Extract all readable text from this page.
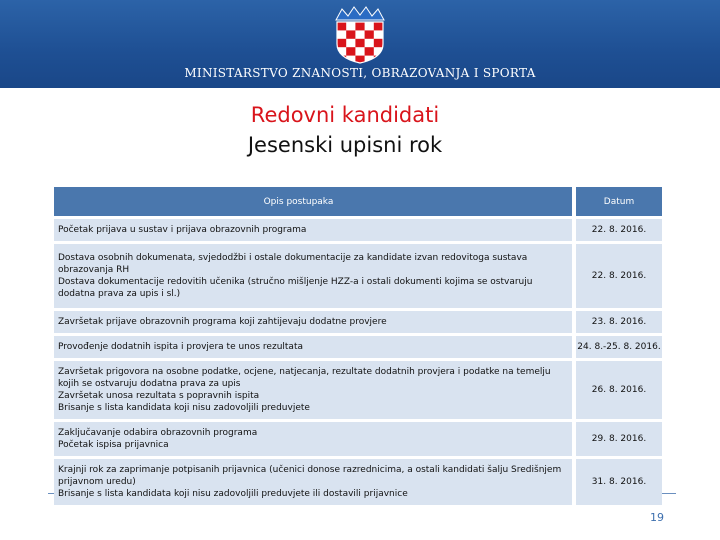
MINISTARSTVO ZNANOSTI, OBRAZOVANJA I SPORTA
Redovni kandidati
Jesenski upisni rok
Opis postupaka		Datum

Početak prijava u sustav i prijava obrazovnih programa		22. 8. 2016.

Dostava osobnih dokumenata, svjedodžbi i ostale dokumentacije za kandidate izvan redovitoga sustava
obrazovanja RH
Dostava dokumentacije redovitih učenika (stručno mišljenje HZZ-a i ostali dokumenti kojima se ostvaruju
dodatna prava za upis i sl.)		22. 8. 2016.

Završetak prijave obrazovnih programa koji zahtijevaju dodatne provjere		23. 8. 2016.

Provođenje dodatnih ispita i provjera te unos rezultata		24. 8.-25. 8. 2016.

Završetak prigovora na osobne podatke, ocjene, natjecanja, rezultate dodatnih provjera i podatke na temelju
kojih se ostvaruju dodatna prava za upis
Završetak unosa rezultata s popravnih ispita
Brisanje s lista kandidata koji nisu zadovoljili preduvjete		26. 8. 2016.

Zaključavanje odabira obrazovnih programa
Početak ispisa prijavnica		29. 8. 2016.

Krajnji rok za zaprimanje potpisanih prijavnica (učenici donose razrednicima, a ostali kandidati šalju Središnjem
prijavnom uredu)
Brisanje s lista kandidata koji nisu zadovoljili preduvjete ili dostavili prijavnice		31. 8. 2016.
19
